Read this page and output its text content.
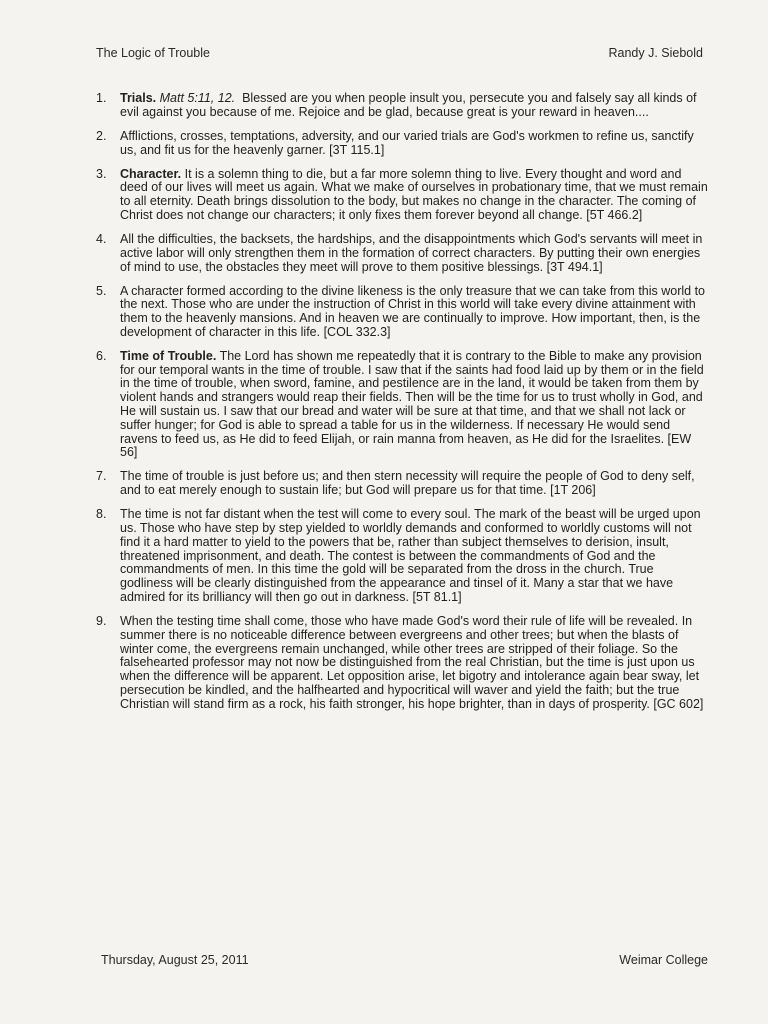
The Logic of Trouble	Randy J. Siebold
1.	Trials. Matt 5:11, 12. Blessed are you when people insult you, persecute you and falsely say all kinds of evil against you because of me. Rejoice and be glad, because great is your reward in heaven....
2.	Afflictions, crosses, temptations, adversity, and our varied trials are God's workmen to refine us, sanctify us, and fit us for the heavenly garner. [3T 115.1]
3.	Character. It is a solemn thing to die, but a far more solemn thing to live. Every thought and word and deed of our lives will meet us again. What we make of ourselves in probationary time, that we must remain to all eternity. Death brings dissolution to the body, but makes no change in the character. The coming of Christ does not change our characters; it only fixes them forever beyond all change. [5T 466.2]
4.	All the difficulties, the backsets, the hardships, and the disappointments which God's servants will meet in active labor will only strengthen them in the formation of correct characters. By putting their own energies of mind to use, the obstacles they meet will prove to them positive blessings. [3T 494.1]
5.	A character formed according to the divine likeness is the only treasure that we can take from this world to the next. Those who are under the instruction of Christ in this world will take every divine attainment with them to the heavenly mansions. And in heaven we are continually to improve. How important, then, is the development of character in this life. [COL 332.3]
6.	Time of Trouble. The Lord has shown me repeatedly that it is contrary to the Bible to make any provision for our temporal wants in the time of trouble. I saw that if the saints had food laid up by them or in the field in the time of trouble, when sword, famine, and pestilence are in the land, it would be taken from them by violent hands and strangers would reap their fields. Then will be the time for us to trust wholly in God, and He will sustain us. I saw that our bread and water will be sure at that time, and that we shall not lack or suffer hunger; for God is able to spread a table for us in the wilderness. If necessary He would send ravens to feed us, as He did to feed Elijah, or rain manna from heaven, as He did for the Israelites. [EW 56]
7.	The time of trouble is just before us; and then stern necessity will require the people of God to deny self, and to eat merely enough to sustain life; but God will prepare us for that time. [1T 206]
8.	The time is not far distant when the test will come to every soul. The mark of the beast will be urged upon us. Those who have step by step yielded to worldly demands and conformed to worldly customs will not find it a hard matter to yield to the powers that be, rather than subject themselves to derision, insult, threatened imprisonment, and death. The contest is between the commandments of God and the commandments of men. In this time the gold will be separated from the dross in the church. True godliness will be clearly distinguished from the appearance and tinsel of it. Many a star that we have admired for its brilliancy will then go out in darkness. [5T 81.1]
9.	When the testing time shall come, those who have made God's word their rule of life will be revealed. In summer there is no noticeable difference between evergreens and other trees; but when the blasts of winter come, the evergreens remain unchanged, while other trees are stripped of their foliage. So the falsehearted professor may not now be distinguished from the real Christian, but the time is just upon us when the difference will be apparent. Let opposition arise, let bigotry and intolerance again bear sway, let persecution be kindled, and the halfhearted and hypocritical will waver and yield the faith; but the true Christian will stand firm as a rock, his faith stronger, his hope brighter, than in days of prosperity. [GC 602]
Thursday, August 25, 2011	Weimar College
